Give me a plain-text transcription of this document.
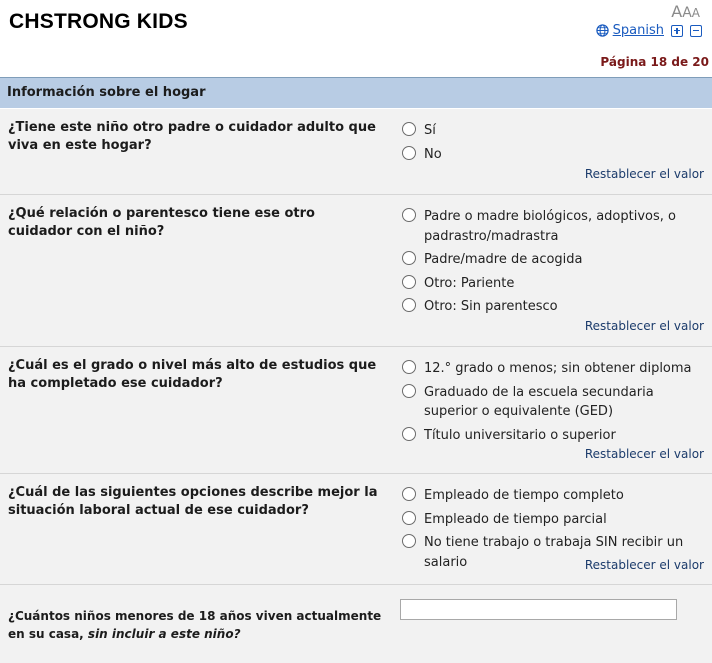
CHSTRONG KIDS	AAA
Spanish
Página 18 de 20
Información sobre el hogar
¿Tiene este niño otro padre o cuidador adulto que viva en este hogar?
Sí
No
Restablecer el valor
¿Qué relación o parentesco tiene ese otro cuidador con el niño?
Padre o madre biológicos, adoptivos, o padrastro/madrastra
Padre/madre de acogida
Otro: Pariente
Otro: Sin parentesco
Restablecer el valor
¿Cuál es el grado o nivel más alto de estudios que ha completado ese cuidador?
12.° grado o menos; sin obtener diploma
Graduado de la escuela secundaria superior o equivalente (GED)
Título universitario o superior
Restablecer el valor
¿Cuál de las siguientes opciones describe mejor la situación laboral actual de ese cuidador?
Empleado de tiempo completo
Empleado de tiempo parcial
No tiene trabajo o trabaja SIN recibir un salario	Restablecer el valor
¿Cuántos niños menores de 18 años viven actualmente en su casa, sin incluir a este niño?
